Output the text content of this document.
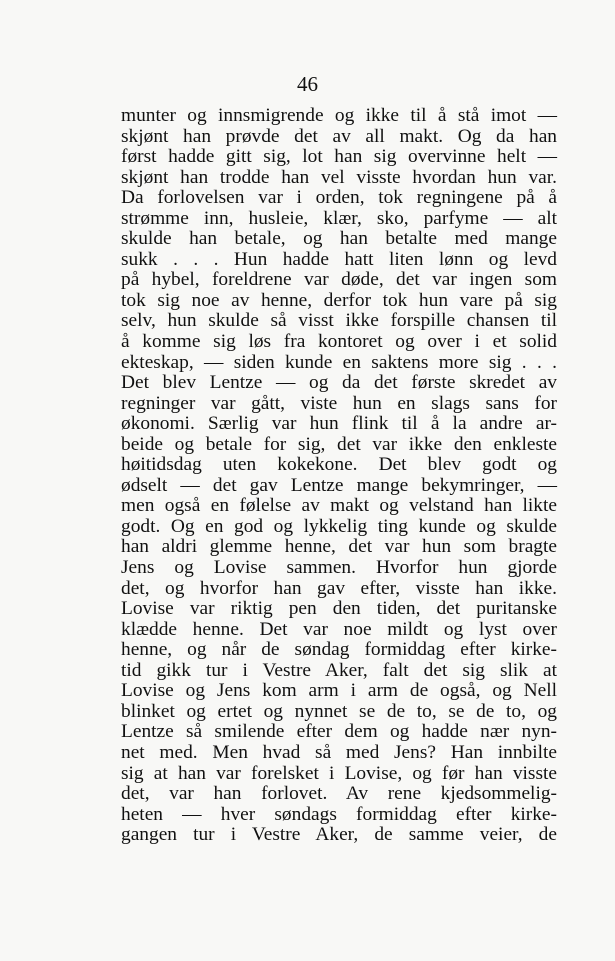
46
munter og innsmigrende og ikke til å stå imot —
skjønt han prøvde det av all makt. Og da han
først hadde gitt sig, lot han sig overvinne helt —
skjønt han trodde han vel visste hvordan hun var.
Da forlovelsen var i orden, tok regningene på å
strømme inn, husleie, klær, sko, parfyme — alt
skulde han betale, og han betalte med mange
sukk . . . Hun hadde hatt liten lønn og levd
på hybel, foreldrene var døde, det var ingen som
tok sig noe av henne, derfor tok hun vare på sig
selv, hun skulde så visst ikke forspille chansen til
å komme sig løs fra kontoret og over i et solid
ekteskap, — siden kunde en saktens more sig . . .
Det blev Lentze — og da det første skredet av
regninger var gått, viste hun en slags sans for
økonomi. Særlig var hun flink til å la andre ar-
beide og betale for sig, det var ikke den enkleste
høitidsdag uten kokekone. Det blev godt og
ødselt — det gav Lentze mange bekymringer, —
men også en følelse av makt og velstand han likte
godt. Og en god og lykkelig ting kunde og skulde
han aldri glemme henne, det var hun som bragte
Jens og Lovise sammen. Hvorfor hun gjorde
det, og hvorfor han gav efter, visste han ikke.
Lovise var riktig pen den tiden, det puritanske
klædde henne. Det var noe mildt og lyst over
henne, og når de søndag formiddag efter kirke-
tid gikk tur i Vestre Aker, falt det sig slik at
Lovise og Jens kom arm i arm de også, og Nell
blinket og ertet og nynnet se de to, se de to, og
Lentze så smilende efter dem og hadde nær nyn-
net med. Men hvad så med Jens? Han innbilte
sig at han var forelsket i Lovise, og før han visste
det, var han forlovet. Av rene kjedsommelig-
heten — hver søndags formiddag efter kirke-
gangen tur i Vestre Aker, de samme veier, de
